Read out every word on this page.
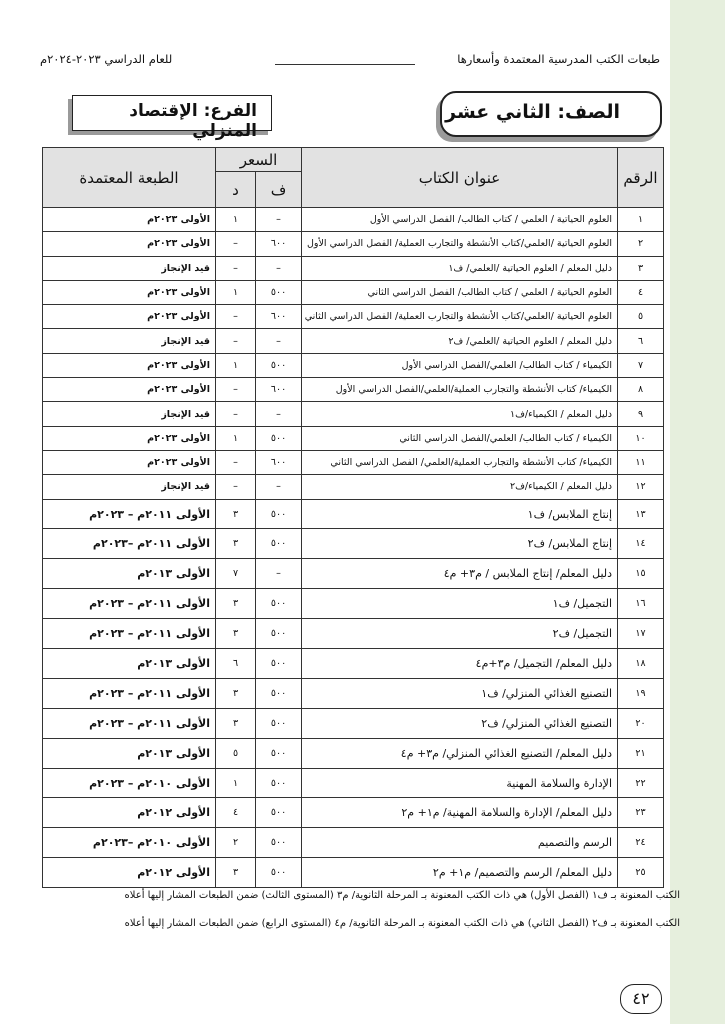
طبعات الكتب المدرسية المعتمدة وأسعارها
للعام الدراسي ٢٠٢٣-٢٠٢٤م
الصف: الثاني عشر
الفرع: الإقتصاد المنزلي
الرقم	عنوان الكتاب	السعر		الطبعة المعتمدة
		ف	د	
١	العلوم الحياتية / العلمي / كتاب الطالب/ الفصل الدراسي الأول	–	١	الأولى ٢٠٢٣م
٢	العلوم الحياتية /العلمي/كتاب الأنشطة والتجارب العملية/ الفصل الدراسي الأول	٦٠٠	–	الأولى ٢٠٢٣م
٣	دليل المعلم / العلوم الحياتية /العلمي/ ف١	–	–	قيد الإنجاز
٤	العلوم الحياتية / العلمي / كتاب الطالب/ الفصل الدراسي الثاني	٥٠٠	١	الأولى ٢٠٢٣م
٥	العلوم الحياتية /العلمي/كتاب الأنشطة والتجارب العملية/ الفصل الدراسي الثاني	٦٠٠	–	الأولى ٢٠٢٣م
٦	دليل المعلم / العلوم الحياتية /العلمي/ ف٢	–	–	قيد الإنجاز
٧	الكيمياء / كتاب الطالب/ العلمي/الفصل الدراسي الأول	٥٠٠	١	الأولى ٢٠٢٣م
٨	الكيمياء/ كتاب الأنشطة والتجارب العملية/العلمي/الفصل الدراسي الأول	٦٠٠	–	الأولى ٢٠٢٣م
٩	دليل المعلم / الكيمياء/ف١	–	–	قيد الإنجاز
١٠	الكيمياء / كتاب الطالب/ العلمي/الفصل الدراسي الثاني	٥٠٠	١	الأولى ٢٠٢٣م
١١	الكيمياء/ كتاب الأنشطة والتجارب العملية/العلمي/ الفصل الدراسي الثاني	٦٠٠	–	الأولى ٢٠٢٣م
١٢	دليل المعلم / الكيمياء/ف٢	–	–	قيد الإنجاز
١٣	إنتاج الملابس/ ف١	٥٠٠	٣	الأولى ٢٠١١م – ٢٠٢٣م
١٤	إنتاج الملابس/ ف٢	٥٠٠	٣	الأولى ٢٠١١م –٢٠٢٣م
١٥	دليل المعلم/ إنتاج الملابس / م٣+ م٤	–	٧	الأولى ٢٠١٣م
١٦	التجميل/ ف١	٥٠٠	٣	الأولى ٢٠١١م – ٢٠٢٣م
١٧	التجميل/ ف٢	٥٠٠	٣	الأولى ٢٠١١م – ٢٠٢٣م
١٨	دليل المعلم/ التجميل/ م٣+م٤	٥٠٠	٦	الأولى ٢٠١٣م
١٩	التصنيع الغذائي المنزلي/ ف١	٥٠٠	٣	الأولى ٢٠١١م – ٢٠٢٣م
٢٠	التصنيع الغذائي المنزلي/ ف٢	٥٠٠	٣	الأولى ٢٠١١م – ٢٠٢٣م
٢١	دليل المعلم/ التصنيع الغذائي المنزلي/ م٣+ م٤	٥٠٠	٥	الأولى ٢٠١٣م
٢٢	الإدارة والسلامة المهنية	٥٠٠	١	الأولى ٢٠١٠م – ٢٠٢٣م
٢٣	دليل المعلم/ الإدارة والسلامة المهنية/ م١+ م٢	٥٠٠	٤	الأولى ٢٠١٢م
٢٤	الرسم والتصميم	٥٠٠	٢	الأولى ٢٠١٠م –٢٠٢٣م
٢٥	دليل المعلم/ الرسم والتصميم/ م١+ م٢	٥٠٠	٣	الأولى ٢٠١٢م
الكتب المعنونة بـ ف١ (الفصل الأول) هي ذات الكتب المعنونة بـ المرحلة الثانوية/ م٣ (المستوى الثالث) ضمن الطبعات المشار إليها أعلاه
الكتب المعنونة بـ ف٢ (الفصل الثاني) هي ذات الكتب المعنونة بـ المرحلة الثانوية/ م٤ (المستوى الرابع) ضمن الطبعات المشار إليها أعلاه
٤٢
